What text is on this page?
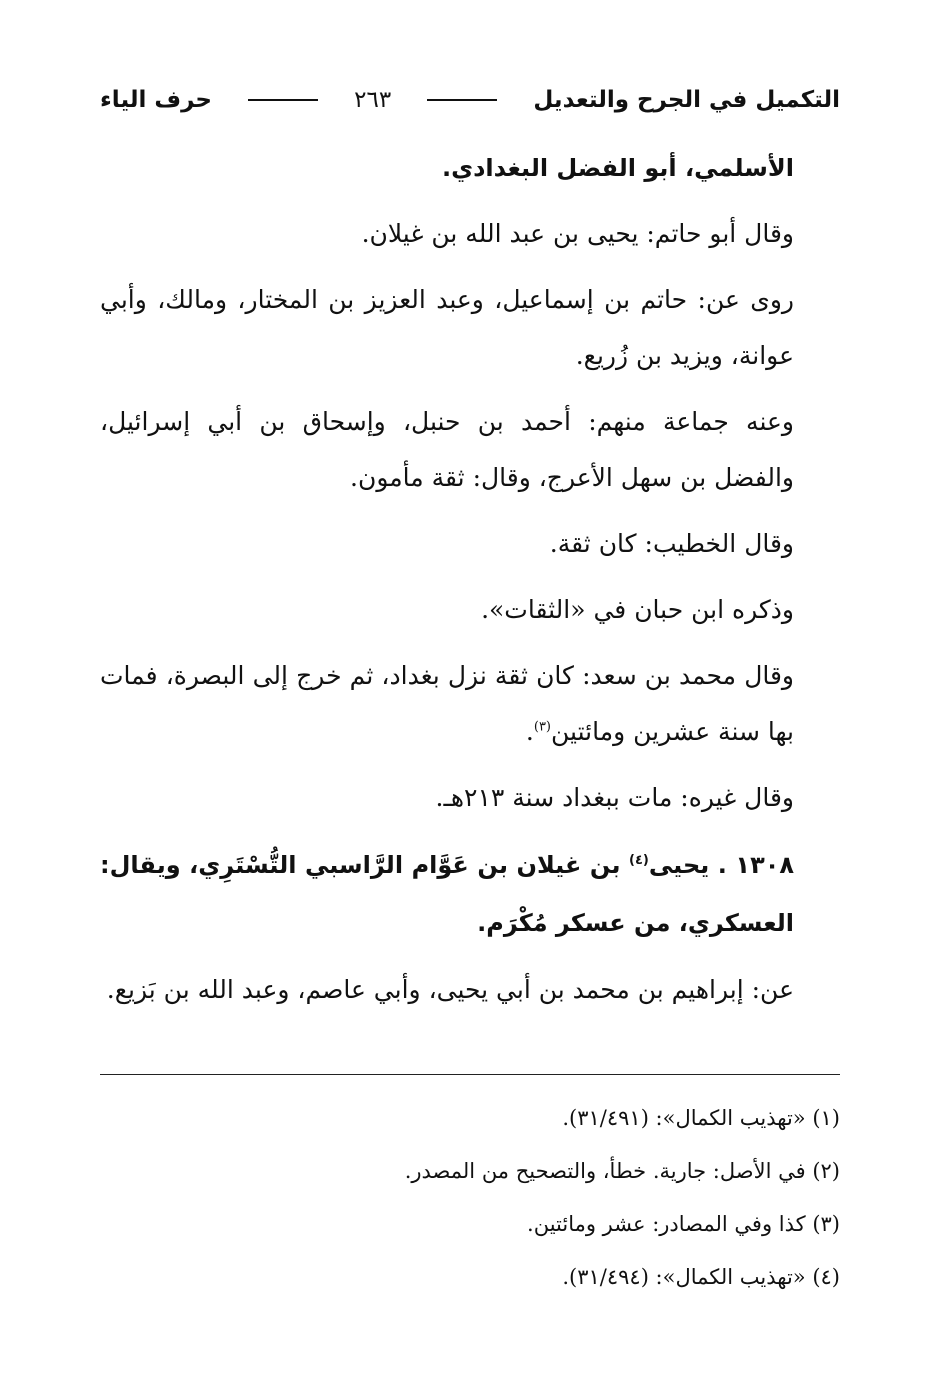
التكميل في الجرح والتعديل
٢٦٣
حرف الياء

الأسلمي، أبو الفضل البغدادي.

وقال أبو حاتم: يحيى بن عبد الله بن غيلان.

روى عن: حاتم بن إسماعيل، وعبد العزيز بن المختار، ومالك، وأبي عوانة، ويزيد بن زُريع.

وعنه جماعة منهم: أحمد بن حنبل، وإسحاق بن أبي إسرائيل، والفضل بن سهل الأعرج، وقال: ثقة مأمون.

وقال الخطيب: كان ثقة.

وذكره ابن حبان في «الثقات».

وقال محمد بن سعد: كان ثقة نزل بغداد، ثم خرج إلى البصرة، فمات بها سنة عشرين ومائتين$^{(٣)}$.

وقال غيره: مات ببغداد سنة ٢١٣هـ.

١٣٠٨ . يحيى$^{(٤)}$ بن غيلان بن عَوَّام الرَّاسبي التُّسْتَرِي، ويقال: العسكري، من عسكر مُكْرَم.

عن: إبراهيم بن محمد بن أبي يحيى، وأبي عاصم، وعبد الله بن بَزيع.

(١) «تهذيب الكمال»: (٣١/٤٩١).
(٢) في الأصل: جارية. خطأ، والتصحيح من المصدر.
(٣) كذا وفي المصادر: عشر ومائتين.
(٤) «تهذيب الكمال»: (٣١/٤٩٤).
